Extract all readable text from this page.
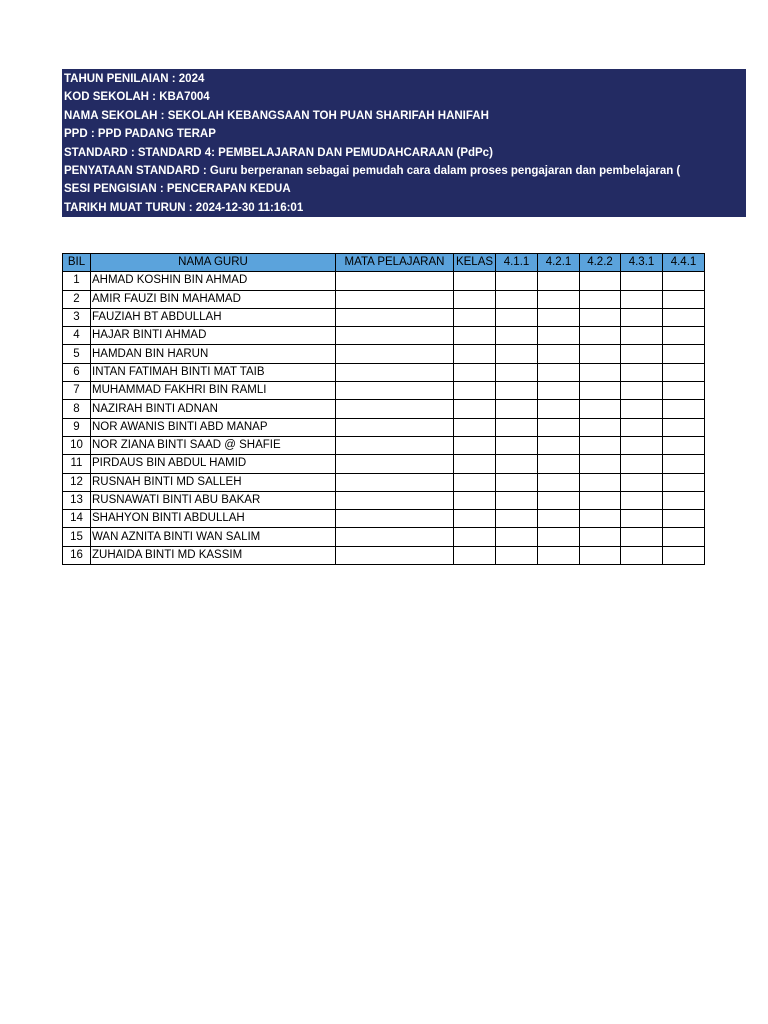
TAHUN PENILAIAN : 2024
KOD SEKOLAH : KBA7004
NAMA SEKOLAH : SEKOLAH KEBANGSAAN TOH PUAN SHARIFAH HANIFAH
PPD : PPD PADANG TERAP
STANDARD : STANDARD 4: PEMBELAJARAN DAN PEMUDAHCARAAN (PdPc)
PENYATAAN STANDARD : Guru berperanan sebagai pemudah cara dalam proses pengajaran dan pembelajaran (
SESI PENGISIAN : PENCERAPAN KEDUA
TARIKH MUAT TURUN : 2024-12-30 11:16:01
BIL	NAMA GURU	MATA PELAJARAN	KELAS	4.1.1	4.2.1	4.2.2	4.3.1	4.4.1
1	AHMAD KOSHIN BIN AHMAD							
2	AMIR FAUZI BIN MAHAMAD							
3	FAUZIAH BT ABDULLAH							
4	HAJAR BINTI AHMAD							
5	HAMDAN BIN HARUN							
6	INTAN FATIMAH BINTI MAT TAIB							
7	MUHAMMAD FAKHRI BIN RAMLI							
8	NAZIRAH BINTI ADNAN							
9	NOR AWANIS BINTI ABD MANAP							
10	NOR ZIANA BINTI SAAD @ SHAFIE							
11	PIRDAUS BIN ABDUL HAMID							
12	RUSNAH BINTI MD SALLEH							
13	RUSNAWATI BINTI ABU BAKAR							
14	SHAHYON BINTI ABDULLAH							
15	WAN AZNITA BINTI WAN SALIM							
16	ZUHAIDA BINTI MD KASSIM							
